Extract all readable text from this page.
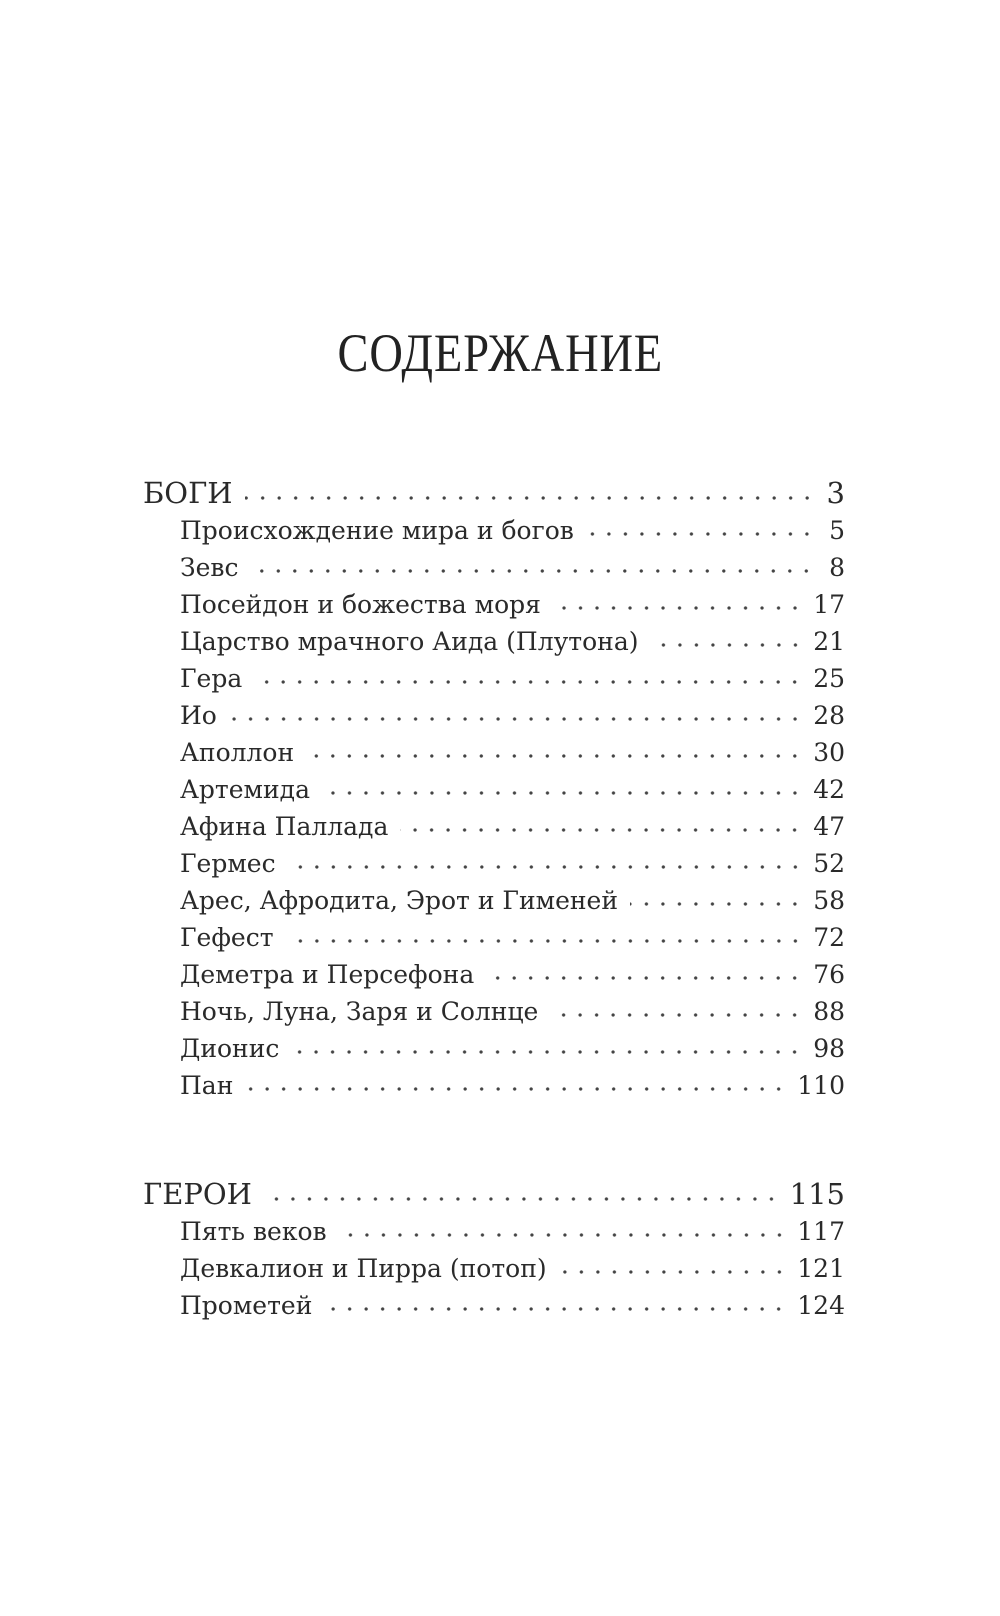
СОДЕРЖАНИЕ
БОГИ	3
Происхождение мира и богов	5
Зевс	8
Посейдон и божества моря	17
Царство мрачного Аида (Плутона)	21
Гера	25
Ио	28
Аполлон	30
Артемида	42
Афина Паллада	47
Гермес	52
Арес, Афродита, Эрот и Гименей	58
Гефест	72
Деметра и Персефона	76
Ночь, Луна, Заря и Солнце	88
Дионис	98
Пан	110
ГЕРОИ	115
Пять веков	117
Девкалион и Пирра (потоп)	121
Прометей	124
